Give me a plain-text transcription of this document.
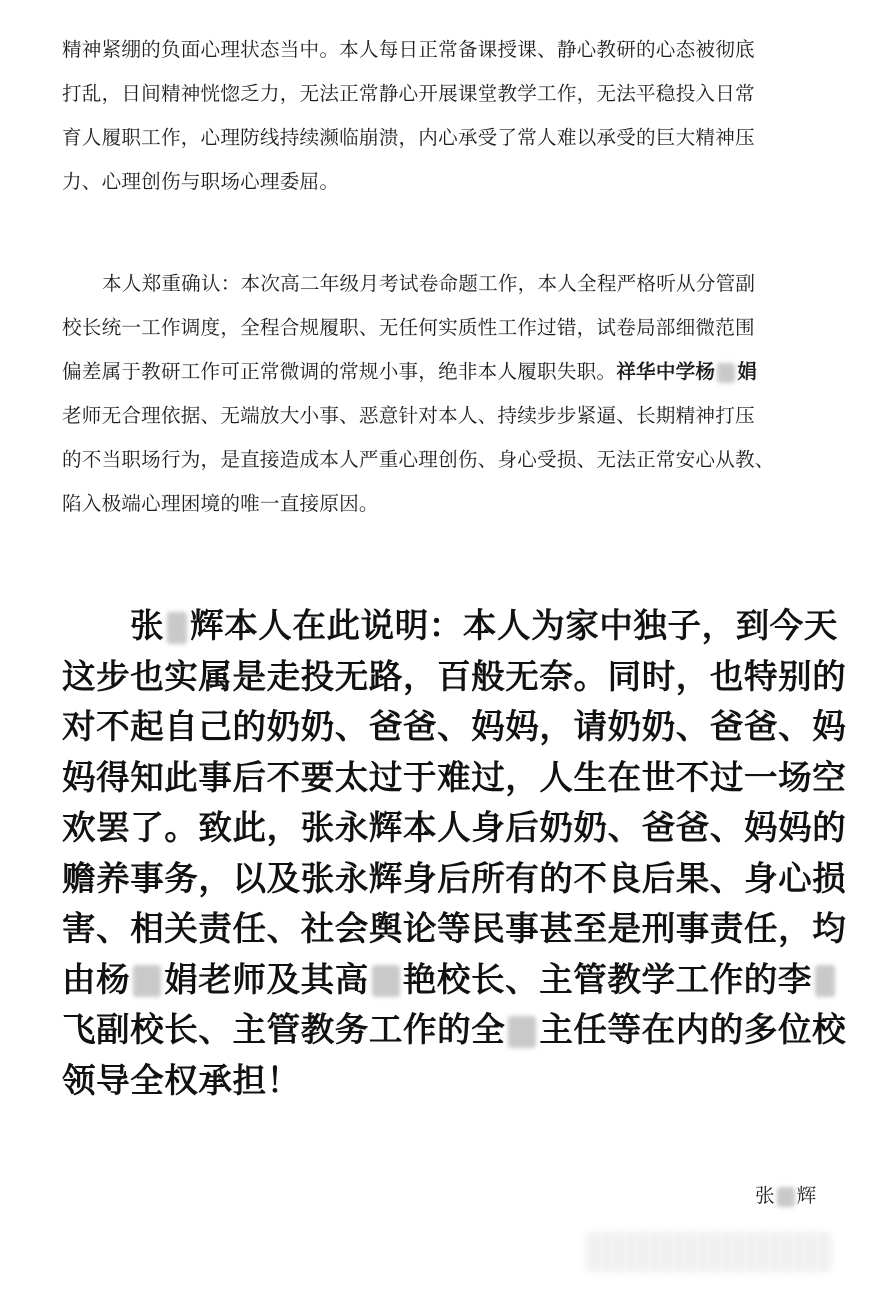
精神紧绷的负面心理状态当中。本人每日正常备课授课、静心教研的心态被彻底

打乱，日间精神恍惚乏力，无法正常静心开展课堂教学工作，无法平稳投入日常

育人履职工作，心理防线持续濒临崩溃，内心承受了常人难以承受的巨大精神压

力、心理创伤与职场心理委屈。

本人郑重确认：本次高二年级月考试卷命题工作，本人全程严格听从分管副

校长统一工作调度，全程合规履职、无任何实质性工作过错，试卷局部细微范围

偏差属于教研工作可正常微调的常规小事，绝非本人履职失职。祥华中学杨 娟

老师无合理依据、无端放大小事、恶意针对本人、持续步步紧逼、长期精神打压

的不当职场行为，是直接造成本人严重心理创伤、身心受损、无法正常安心从教、

陷入极端心理困境的唯一直接原因。

张 辉本人在此说明：本人为家中独子，到今天

这步也实属是走投无路，百般无奈。同时，也特别的

对不起自己的奶奶、爸爸、妈妈，请奶奶、爸爸、妈

妈得知此事后不要太过于难过，人生在世不过一场空

欢罢了。致此，张永辉本人身后奶奶、爸爸、妈妈的

赡养事务，以及张永辉身后所有的不良后果、身心损

害、相关责任、社会舆论等民事甚至是刑事责任，均

由杨 娟老师及其高 艳校长、主管教学工作的李

飞副校长、主管教务工作的全 主任等在内的多位校

领导全权承担！

张 辉
